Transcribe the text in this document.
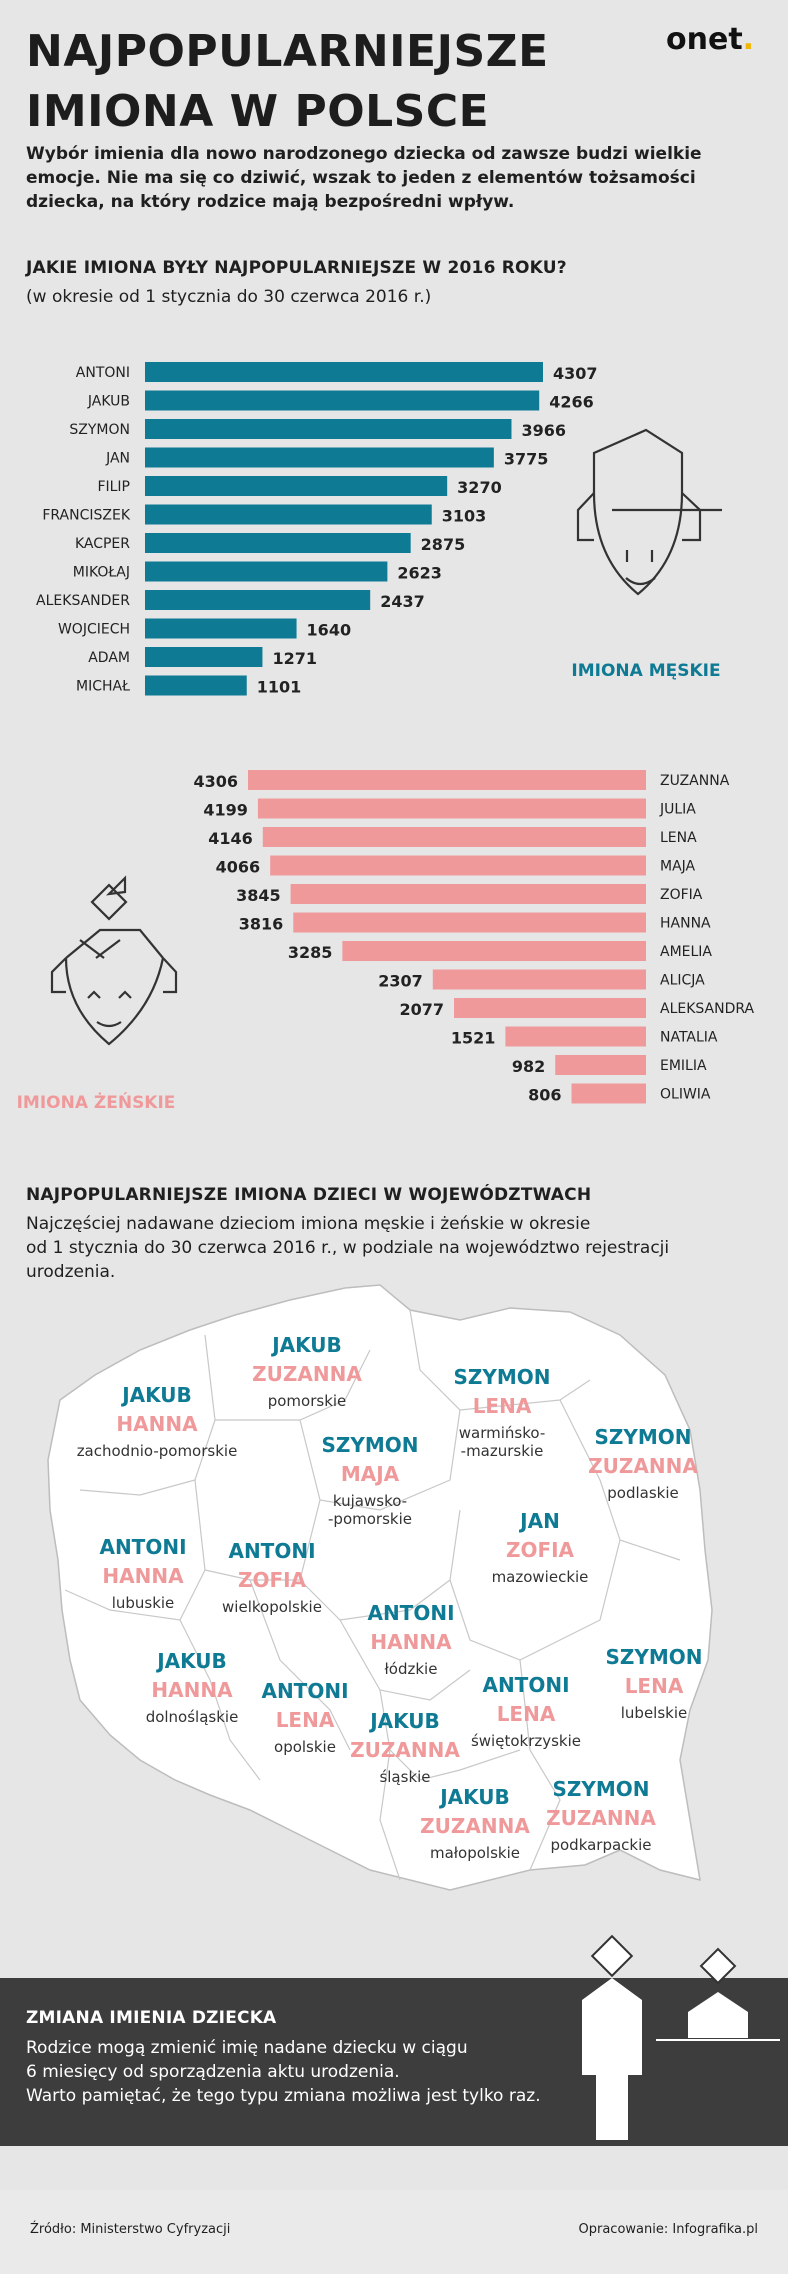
NAJPOPULARNIEJSZE
IMIONA W POLSCE
onet.
Wybór imienia dla nowo narodzonego dziecka od zawsze budzi wielkie emocje. Nie ma się co dziwić, wszak to jeden z elementów tożsamości dziecka, na który rodzice mają bezpośredni wpływ.
JAKIE IMIONA BYŁY NAJPOPULARNIEJSZE W 2016 ROKU?
(w okresie od 1 stycznia do 30 czerwca 2016 r.)
ANTONI	4307
JAKUB	4266
SZYMON	3966
JAN	3775
FILIP	3270
FRANCISZEK	3103
KACPER	2875
MIKOŁAJ	2623
ALEKSANDER	2437
WOJCIECH	1640
ADAM	1271
MICHAŁ	1101
IMIONA MĘSKIE
4306	ZUZANNA
4199	JULIA
4146	LENA
4066	MAJA
3845	ZOFIA
3816	HANNA
3285	AMELIA
2307	ALICJA
2077	ALEKSANDRA
1521	NATALIA
982	EMILIA
806	OLIWIA
IMIONA ŻEŃSKIE
NAJPOPULARNIEJSZE IMIONA DZIECI W WOJEWÓDZTWACH
Najczęściej nadawane dzieciom imiona męskie i żeńskie w okresie
od 1 stycznia do 30 czerwca 2016 r., w podziale na województwo rejestracji
urodzenia.
JAKUB
ZUZANNA
pomorskie
JAKUB
HANNA
zachodnio-pomorskie
SZYMON
LENA
warmińsko-
-mazurskie
SZYMON
ZUZANNA
podlaskie
SZYMON
MAJA
kujawsko-
-pomorskie	JAN
ZOFIA
mazowieckie
ANTONI
HANNA
lubuskie
ANTONI
ZOFIA
wielkopolskie ANTONI
HANNA
łódzkie
JAKUB
HANNA
dolnośląskie
SZYMON
LENA
lubelskie
ANTONI
LENA
świętokrzyskie
ANTONI
LENA
opolskie
JAKUB
ZUZANNA
śląskie	SZYMON
ZUZANNA
podkarpackie
JAKUB
ZUZANNA
małopolskie
ZMIANA IMIENIA DZIECKA
Rodzice mogą zmienić imię nadane dziecku w ciągu
6 miesięcy od sporządzenia aktu urodzenia.
Warto pamiętać, że tego typu zmiana możliwa jest tylko raz.
Źródło: Ministerstwo Cyfryzacji	Opracowanie: Infografika.pl
